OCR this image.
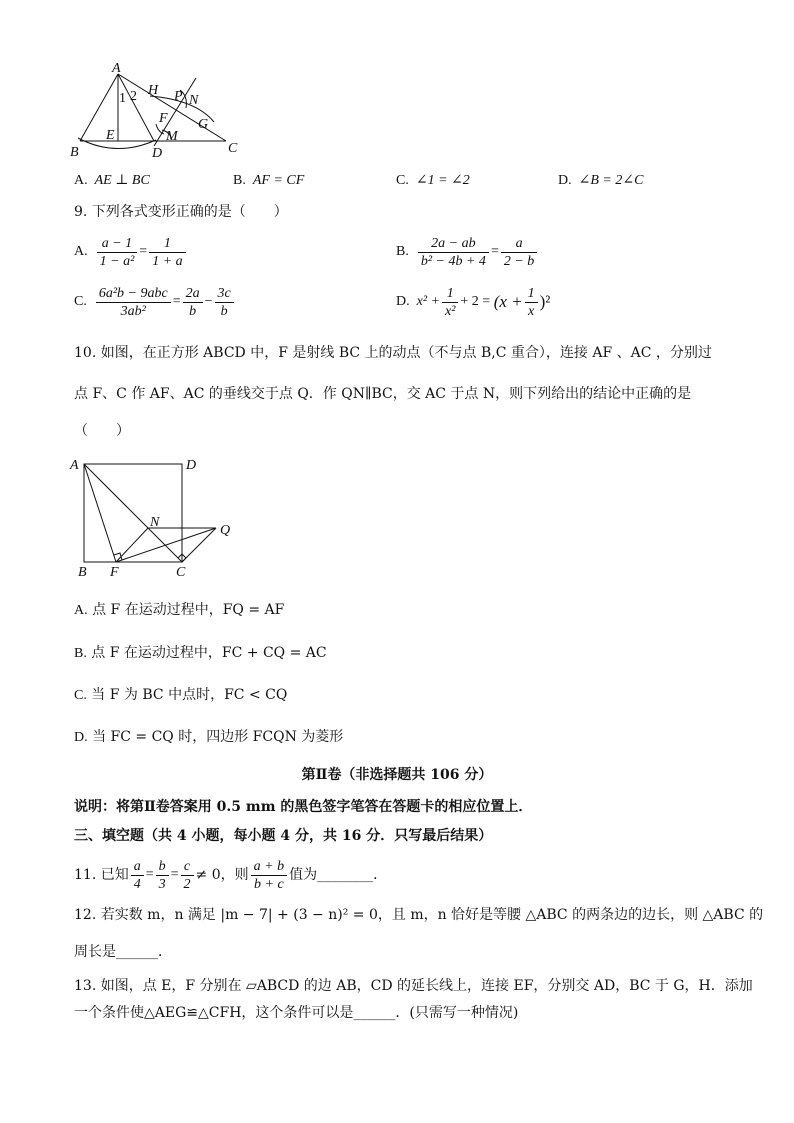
A
B	C
D
E
F G
H
M
N
P
1 2
A. AE ⊥ BC	B. AF = CF	C. ∠1 = ∠2	D. ∠B = 2∠C
9. 下列各式变形正确的是（　　）
A.
$\frac{a - 1}{\text{1 − a²}} = \frac{1}{1 + a}$	B.
$\frac{2a - ab}{\text{b² − 4b + 4}} = \frac{a}{2 - b}$
C.
$\frac{\text{6a²b − 9abc}}{\text{3ab²}} = \frac{2a}{b} - \frac{3c}{b}$	D.
$x^2 + \frac{1}{\text{x²}} + 2$ =
$(x + \frac{1}{x} )^2$
10. 如图，在正方形 ABCD 中，F 是射线 BC 上的动点（不与点 B,C 重合），连接 AF 、AC ，分别过
点 F、C 作 AF、AC 的垂线交于点 Q．作 QN∥BC，交 AC 于点 N，则下列给出的结论中正确的是
（　　）
A	D
N
Q
B F	C
A. 点 F 在运动过程中，FQ = AF
B. 点 F 在运动过程中，FC + CQ = AC
C. 当 F 为 BC 中点时，FC < CQ
D. 当 FC = CQ 时，四边形 FCQN 为菱形
第Ⅱ卷（非选择题共 106 分）
说明：将第Ⅱ卷答案用 0.5 mm 的黑色签字笔答在答题卡的相应位置上．
三、填空题（共 4 小题，每小题 4 分，共 16 分．只写最后结果）
11. 已知 $\frac{a}{4} = \frac{b}{3} = \frac{c}{2} \ne 0$，则 $\frac{a + b}{b + c}$ 值为________．
12. 若实数 m，n 满足 |m − 7| + (3 − n)² = 0，且 m，n 恰好是等腰 △ABC 的两条边的边长，则 △ABC 的
周长是______．
13. 如图，点 E，F 分别在 ▱ABCD 的边 AB，CD 的延长线上，连接 EF，分别交 AD，BC 于 G，H．添加
一个条件使△AEG≌△CFH，这个条件可以是______．(只需写一种情况)
